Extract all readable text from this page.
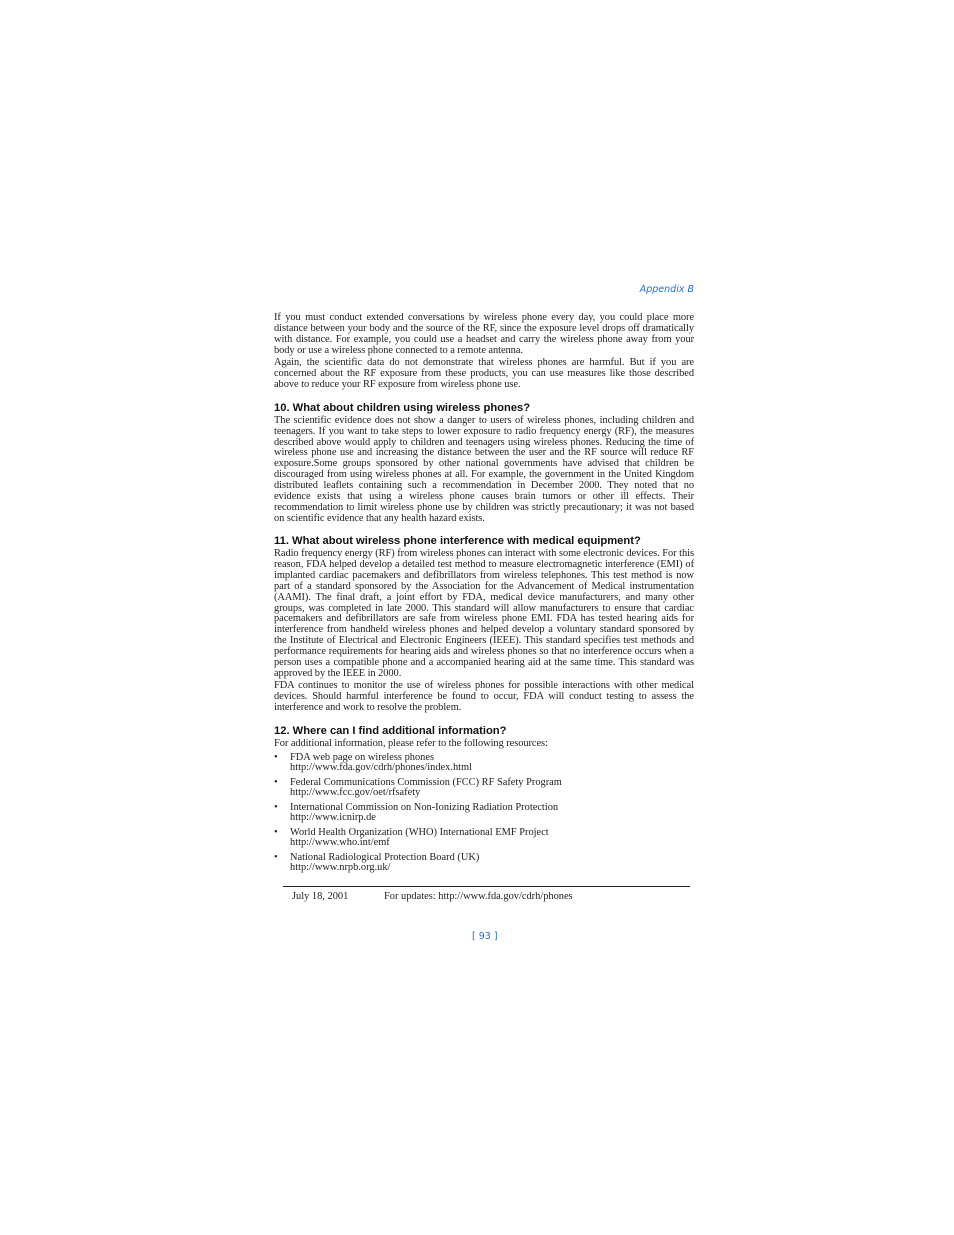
Appendix B

If you must conduct extended conversations by wireless phone every day, you could place more distance between your body and the source of the RF, since the exposure level drops off dramatically with distance. For example, you could use a headset and carry the wireless phone away from your body or use a wireless phone connected to a remote antenna.

Again, the scientific data do not demonstrate that wireless phones are harmful. But if you are concerned about the RF exposure from these products, you can use measures like those described above to reduce your RF exposure from wireless phone use.

10. What about children using wireless phones?

The scientific evidence does not show a danger to users of wireless phones, including children and teenagers. If you want to take steps to lower exposure to radio frequency energy (RF), the measures described above would apply to children and teenagers using wireless phones. Reducing the time of wireless phone use and increasing the distance between the user and the RF source will reduce RF exposure.Some groups sponsored by other national governments have advised that children be discouraged from using wireless phones at all. For example, the government in the United Kingdom distributed leaflets containing such a recommendation in December 2000. They noted that no evidence exists that using a wireless phone causes brain tumors or other ill effects. Their recommendation to limit wireless phone use by children was strictly precautionary; it was not based on scientific evidence that any health hazard exists.

11. What about wireless phone interference with medical equipment?

Radio frequency energy (RF) from wireless phones can interact with some electronic devices. For this reason, FDA helped develop a detailed test method to measure electromagnetic interference (EMI) of implanted cardiac pacemakers and defibrillators from wireless telephones. This test method is now part of a standard sponsored by the Association for the Advancement of Medical instrumentation (AAMI). The final draft, a joint effort by FDA, medical device manufacturers, and many other groups, was completed in late 2000. This standard will allow manufacturers to ensure that cardiac pacemakers and defibrillators are safe from wireless phone EMI. FDA has tested hearing aids for interference from handheld wireless phones and helped develop a voluntary standard sponsored by the Institute of Electrical and Electronic Engineers (IEEE). This standard specifies test methods and performance requirements for hearing aids and wireless phones so that no interference occurs when a person uses a compatible phone and a accompanied hearing aid at the same time. This standard was approved by the IEEE in 2000.

FDA continues to monitor the use of wireless phones for possible interactions with other medical devices. Should harmful interference be found to occur, FDA will conduct testing to assess the interference and work to resolve the problem.

12. Where can I find additional information?

For additional information, please refer to the following resources:

• FDA web page on wireless phones
http://www.fda.gov/cdrh/phones/index.html
• Federal Communications Commission (FCC) RF Safety Program
http://www.fcc.gov/oet/rfsafety
• International Commission on Non-Ionizing Radiation Protection
http://www.icnirp.de
• World Health Organization (WHO) International EMF Project
http://www.who.int/emf
• National Radiological Protection Board (UK)
http://www.nrpb.org.uk/
July 18, 2001	For updates: http://www.fda.gov/cdrh/phones
[ 93 ]
